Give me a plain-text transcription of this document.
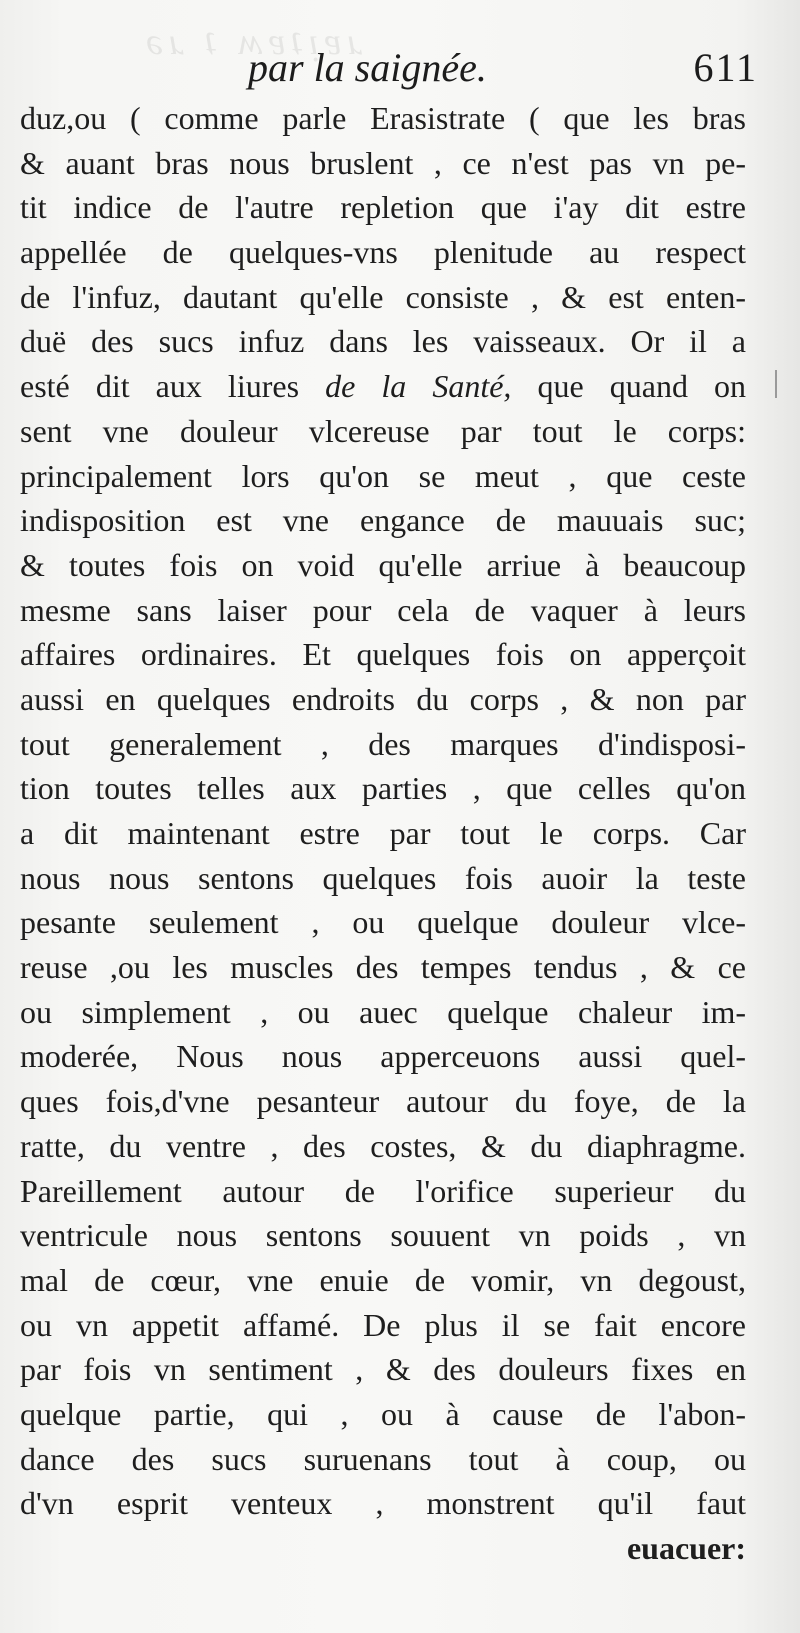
ɹɐᴉʇɐʍ ʇ ɹǝ
par la saignée.	611
duz,ou ( comme parle Erasistrate ( que les bras
& auant bras nous bruslent , ce n'est pas vn pe-
tit indice de l'autre repletion que i'ay dit estre
appellée de quelques-vns plenitude au respect
de l'infuz, dautant qu'elle consiste , & est enten-
duë des sucs infuz dans les vaisseaux. Or il a
esté dit aux liures de la Santé, que quand on
sent vne douleur vlcereuse par tout le corps:
principalement lors qu'on se meut , que ceste
indisposition est vne engance de mauuais suc;
& toutes fois on void qu'elle arriue à beaucoup
mesme sans laiser pour cela de vaquer à leurs
affaires ordinaires. Et quelques fois on apperçoit
aussi en quelques endroits du corps , & non par
tout generalement , des marques d'indisposi-
tion toutes telles aux parties , que celles qu'on
a dit maintenant estre par tout le corps. Car
nous nous sentons quelques fois auoir la teste
pesante seulement , ou quelque douleur vlce-
reuse ,ou les muscles des tempes tendus , & ce
ou simplement , ou auec quelque chaleur im-
moderée, Nous nous apperceuons aussi quel-
ques fois,d'vne pesanteur autour du foye, de la
ratte, du ventre , des costes, & du diaphragme.
Pareillement autour de l'orifice superieur du
ventricule nous sentons souuent vn poids , vn
mal de cœur, vne enuie de vomir, vn degoust,
ou vn appetit affamé. De plus il se fait encore
par fois vn sentiment , & des douleurs fixes en
quelque partie, qui , ou à cause de l'abon-
dance des sucs suruenans tout à coup, ou
d'vn esprit venteux , monstrent qu'il faut
euacuer:
